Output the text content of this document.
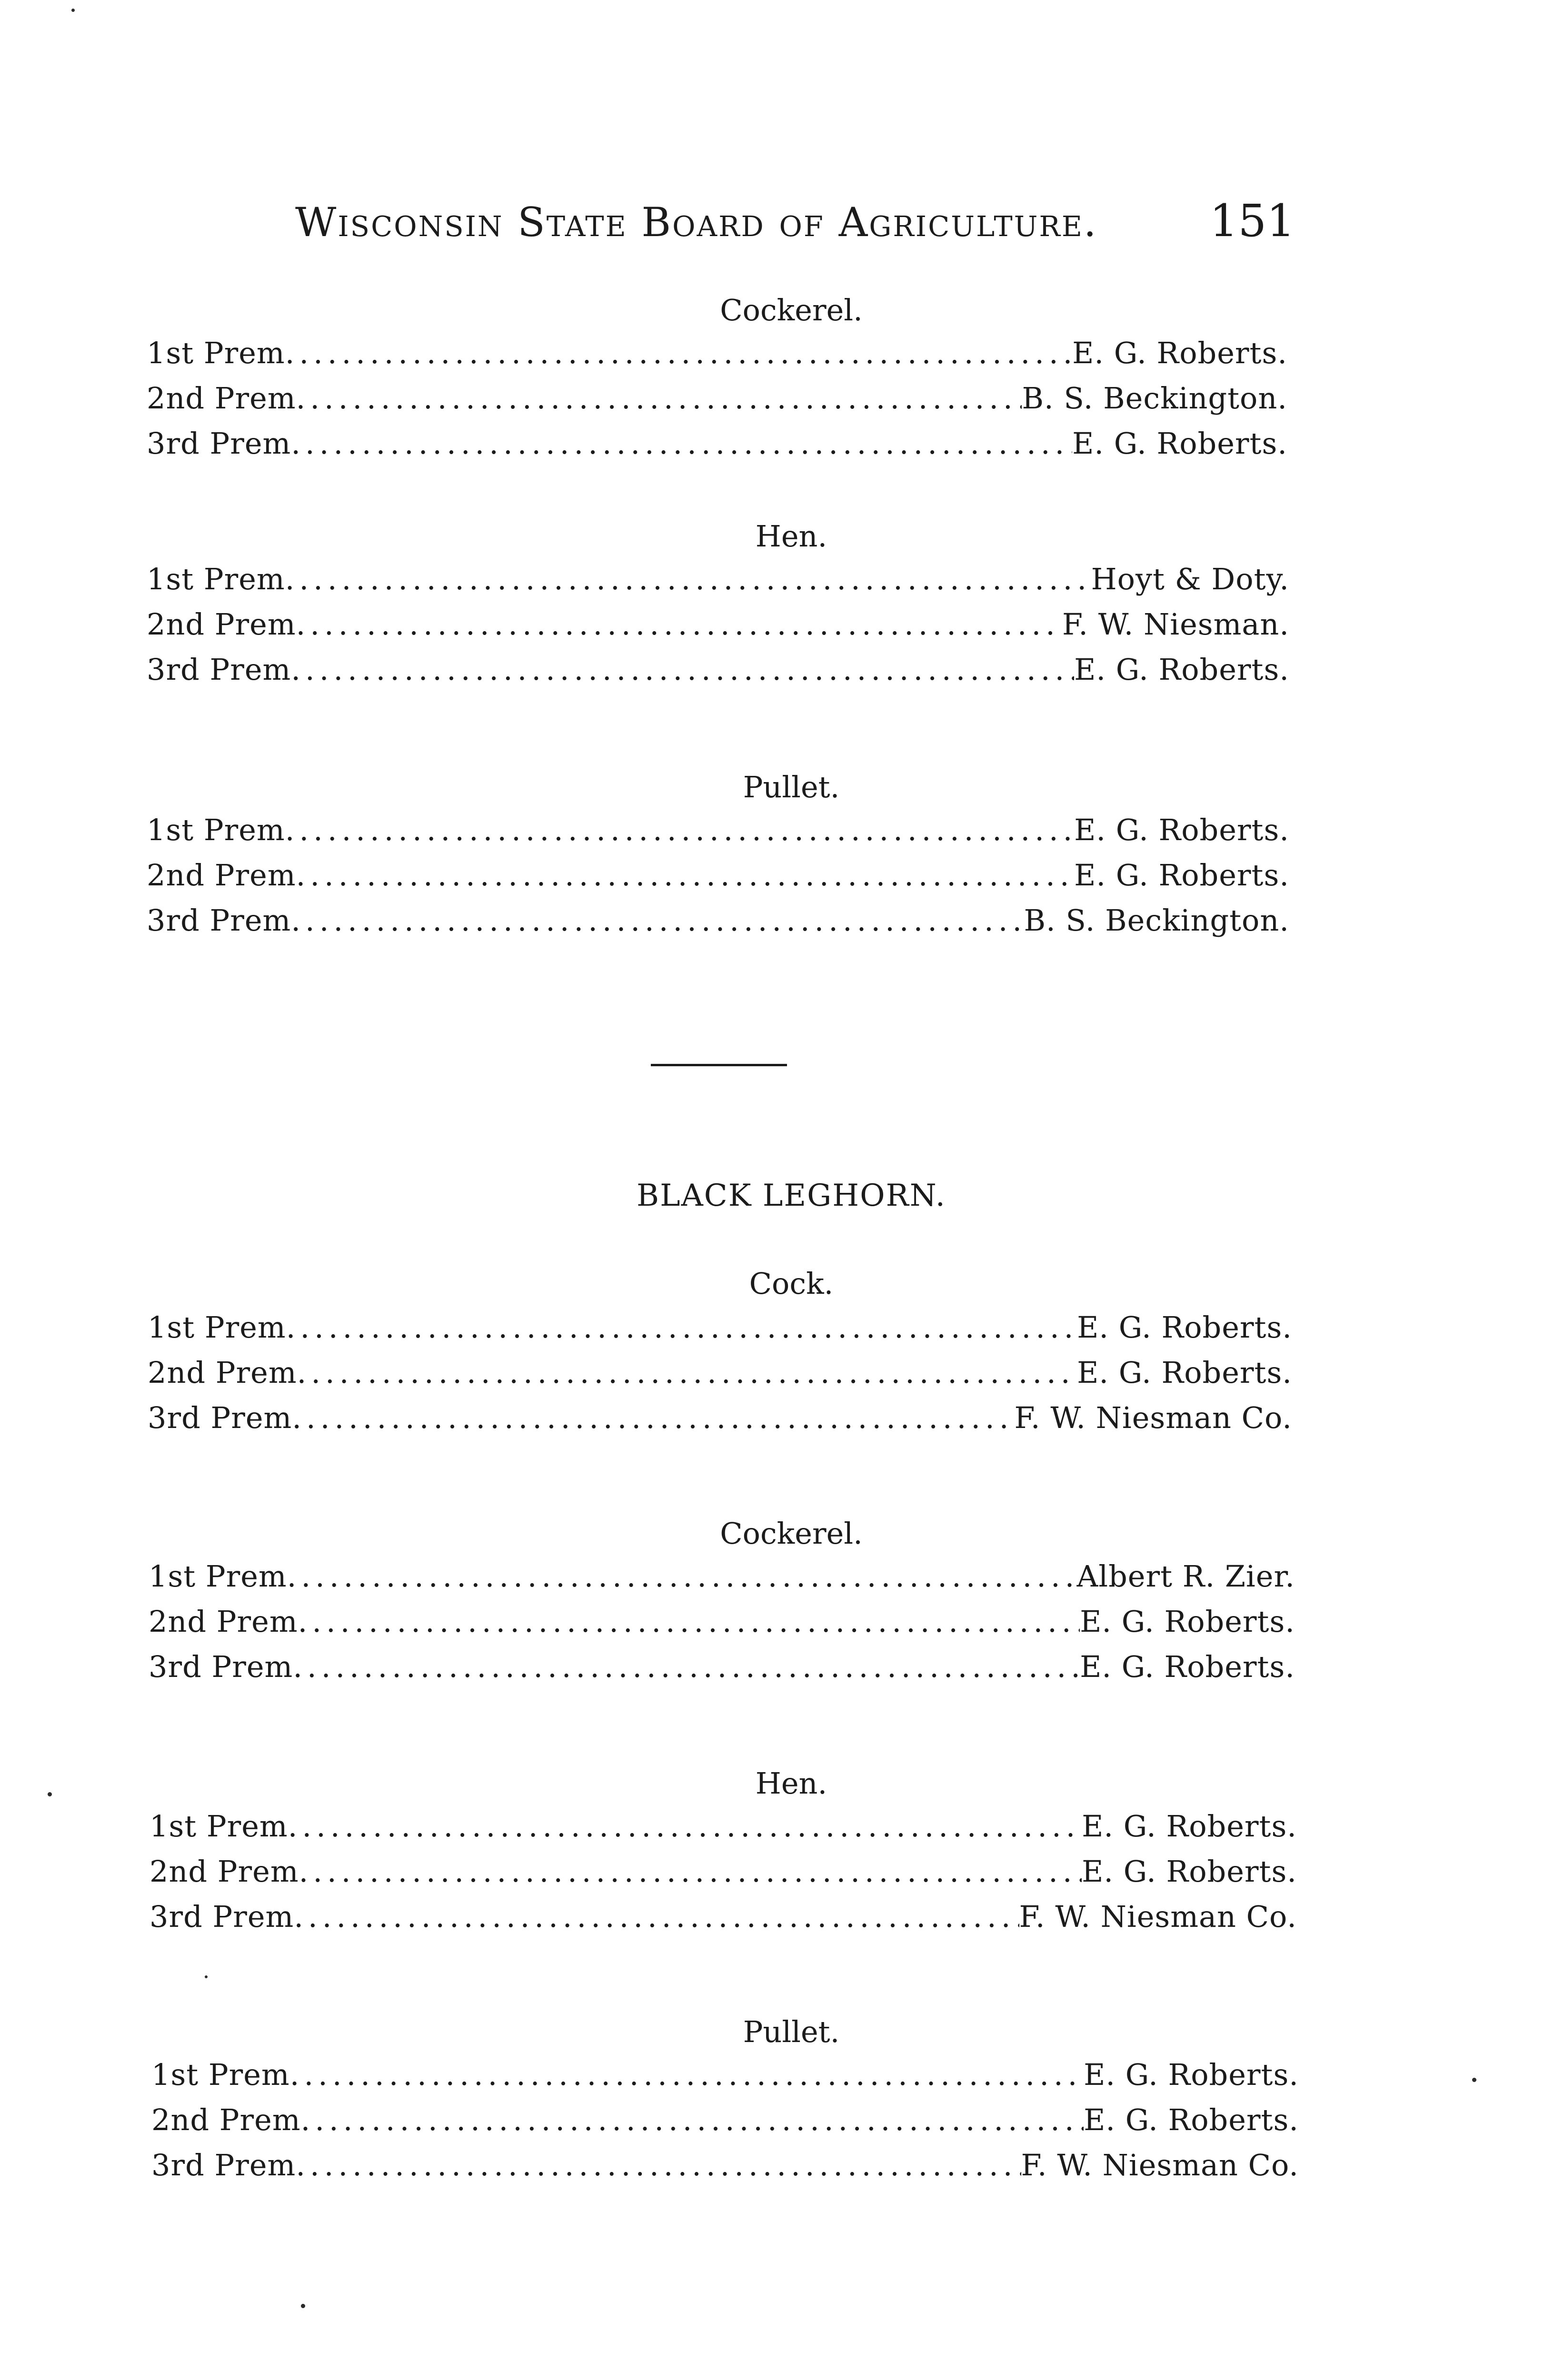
Wisconsin State Board of Agriculture. 151
Cockerel.
1st Prem .....	E. G. Roberts.
2nd Prem .....	B. S. Beckington.
3rd Prem .....	E. G. Roberts.
Hen.
1st Prem .....	Hoyt & Doty.
2nd Prem .....	F. W. Niesman.
3rd Prem .....	E. G. Roberts.
Pullet.
1st Prem .....	E. G. Roberts.
2nd Prem .....	E. G. Roberts.
3rd Prem .....	B. S. Beckington.
BLACK LEGHORN.
Cock.
1st Prem .....	E. G. Roberts.
2nd Prem .....	E. G. Roberts.
3rd Prem .....	F. W. Niesman Co.
Cockerel.
1st Prem .....	Albert R. Zier.
2nd Prem .....	E. G. Roberts.
3rd Prem .....	E. G. Roberts.
Hen.
1st Prem .....	E. G. Roberts.
2nd Prem .....	E. G. Roberts.
3rd Prem .....	F. W. Niesman Co.
Pullet.
1st Prem .....	E. G. Roberts.
2nd Prem .....	E. G. Roberts.
3rd Prem .....	F. W. Niesman Co.
